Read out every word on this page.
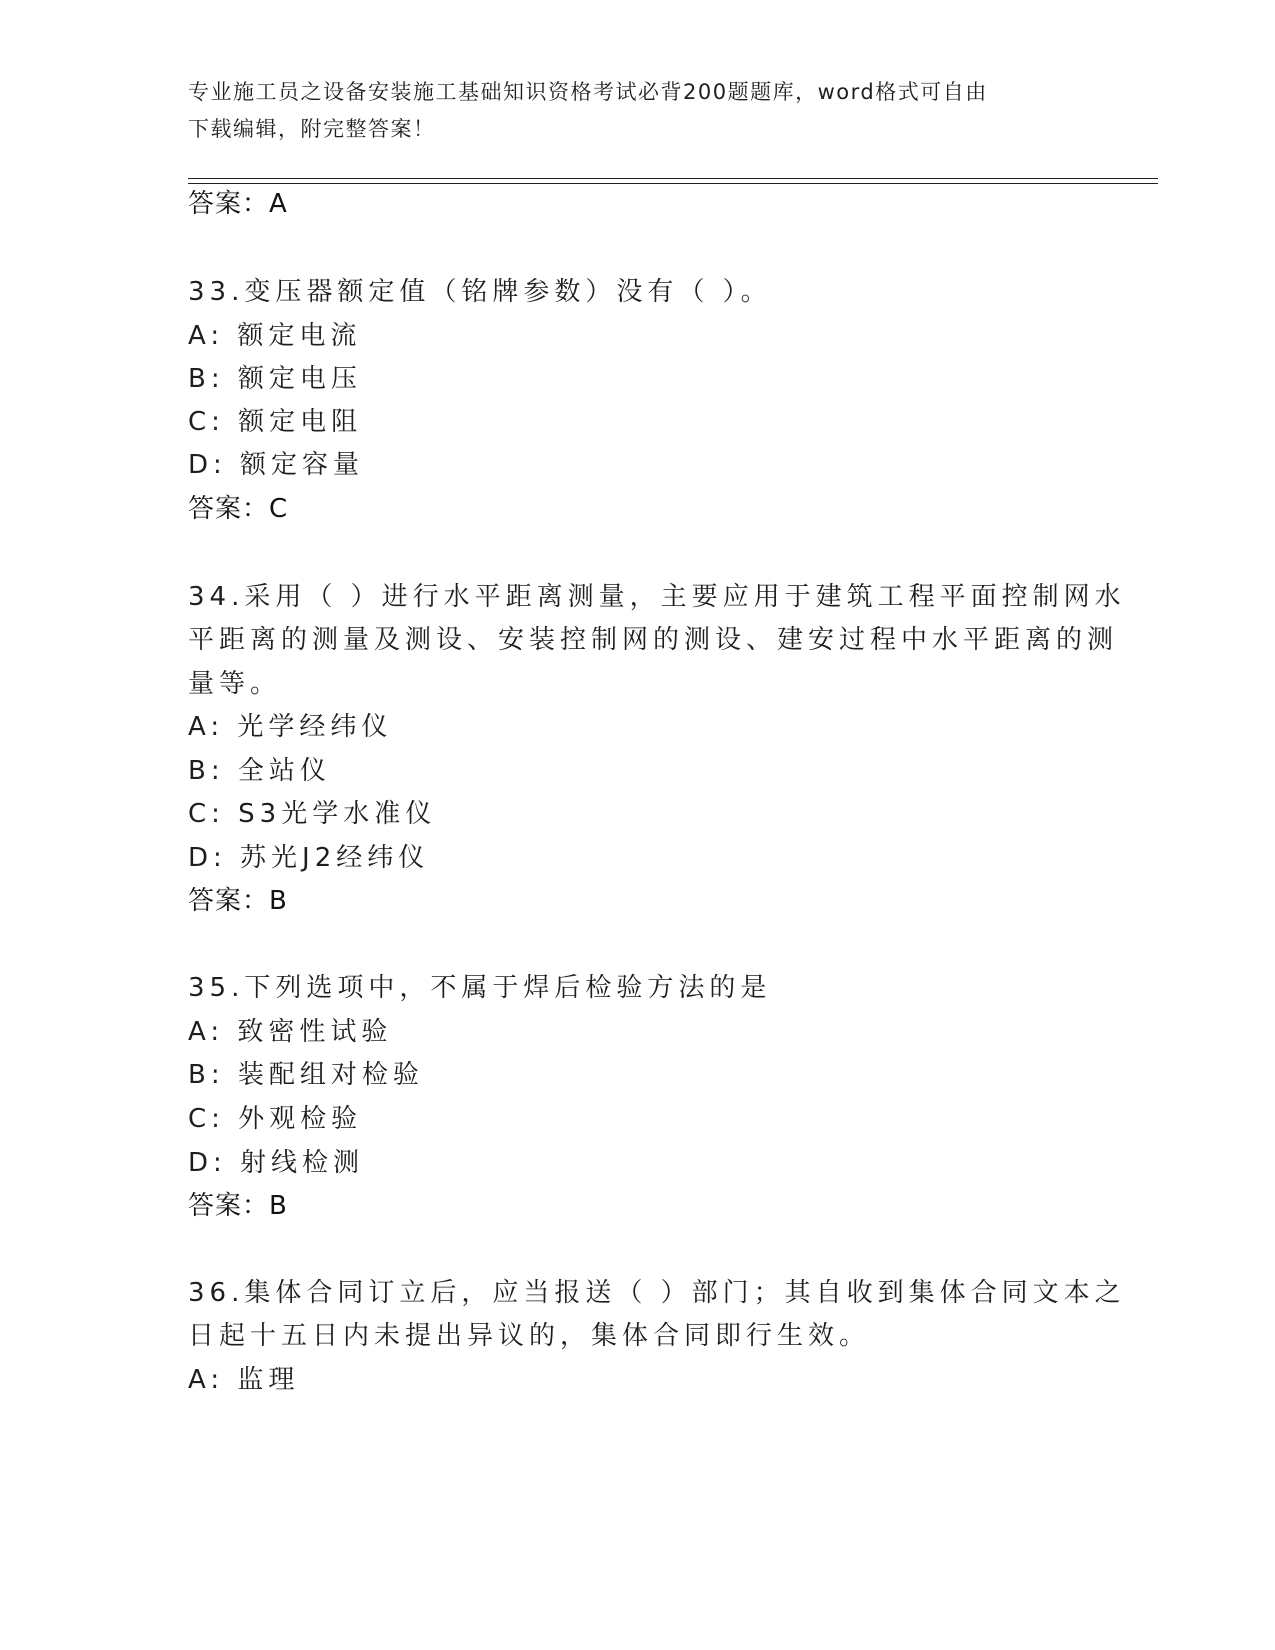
专业施工员之设备安装施工基础知识资格考试必背200题题库，word格式可自由
下载编辑，附完整答案！
答案：A
33.变压器额定值（铭牌参数）没有（ ）。
A: 额定电流
B: 额定电压
C: 额定电阻
D: 额定容量
答案：C
34.采用（ ）进行水平距离测量，主要应用于建筑工程平面控制网水
平距离的测量及测设、安装控制网的测设、建安过程中水平距离的测
量等。
A: 光学经纬仪
B: 全站仪
C: S3光学水准仪
D: 苏光J2经纬仪
答案：B
35.下列选项中，不属于焊后检验方法的是
A: 致密性试验
B: 装配组对检验
C: 外观检验
D: 射线检测
答案：B
36.集体合同订立后，应当报送（ ）部门；其自收到集体合同文本之
日起十五日内未提出异议的，集体合同即行生效。
A: 监理
